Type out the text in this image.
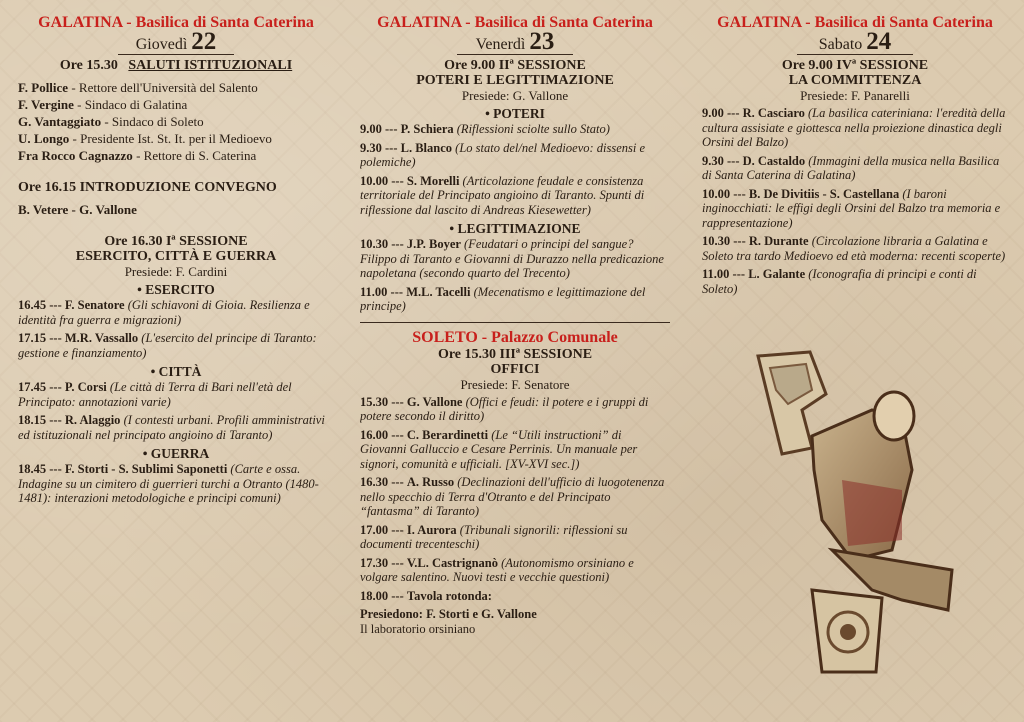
GALATINA - Basilica di Santa Caterina
Giovedì 22
Ore 15.30 SALUTI ISTITUZIONALI
F. Pollice - Rettore dell'Università del Salento
F. Vergine - Sindaco di Galatina
G. Vantaggiato - Sindaco di Soleto
U. Longo - Presidente Ist. St. It. per il Medioevo
Fra Rocco Cagnazzo - Rettore di S. Caterina
Ore 16.15 INTRODUZIONE CONVEGNO
B. Vetere - G. Vallone
Ore 16.30 Iª SESSIONE
ESERCITO, CITTÀ E GUERRA
Presiede: F. Cardini
• ESERCITO
16.45 --- F. Senatore (Gli schiavoni di Gioia. Resilienza e identità fra guerra e migrazioni)
17.15 --- M.R. Vassallo (L'esercito del principe di Taranto: gestione e finanziamento)
• CITTÀ
17.45 --- P. Corsi (Le città di Terra di Bari nell'età del Principato: annotazioni varie)
18.15 --- R. Alaggio (I contesti urbani. Profili amministrativi ed istituzionali nel principato angioino di Taranto)
• GUERRA
18.45 --- F. Storti - S. Sublimi Saponetti (Carte e ossa. Indagine su un cimitero di guerrieri turchi a Otranto (1480-1481): interazioni metodologiche e principi comuni)
GALATINA - Basilica di Santa Caterina
Venerdì 23
Ore 9.00 IIª SESSIONE
POTERI E LEGITTIMAZIONE
Presiede: G. Vallone
• POTERI
9.00 --- P. Schiera (Riflessioni sciolte sullo Stato)
9.30 --- L. Blanco (Lo stato del/nel Medioevo: dissensi e polemiche)
10.00 --- S. Morelli (Articolazione feudale e consistenza territoriale del Principato angioino di Taranto. Spunti di riflessione dal lascito di Andreas Kiesewetter)
• LEGITTIMAZIONE
10.30 --- J.P. Boyer (Feudatari o principi del sangue? Filippo di Taranto e Giovanni di Durazzo nella predicazione napoletana (secondo quarto del Trecento)
11.00 --- M.L. Tacelli (Mecenatismo e legittimazione del principe)
SOLETO - Palazzo Comunale
Ore 15.30 IIIª SESSIONE
OFFICI
Presiede: F. Senatore
15.30 --- G. Vallone (Offici e feudi: il potere e i gruppi di potere secondo il diritto)
16.00 --- C. Berardinetti (Le “Utili instructioni” di Giovanni Galluccio e Cesare Perrinis. Un manuale per signori, comunità e ufficiali. [XV-XVI sec.])
16.30 --- A. Russo (Declinazioni dell'ufficio di luogotenenza nello specchio di Terra d'Otranto e del Principato “fantasma” di Taranto)
17.00 --- I. Aurora (Tribunali signorili: riflessioni su documenti trecenteschi)
17.30 --- V.L. Castrignanò (Autonomismo orsiniano e volgare salentino. Nuovi testi e vecchie questioni)
18.00 --- Tavola rotonda:
Presiedono: F. Storti e G. Vallone
Il laboratorio orsiniano
GALATINA - Basilica di Santa Caterina
Sabato 24
Ore 9.00 IVª SESSIONE
LA COMMITTENZA
Presiede: F. Panarelli
9.00 --- R. Casciaro (La basilica cateriniana: l'eredità della cultura assisiate e giottesca nella proiezione dinastica degli Orsini del Balzo)
9.30 --- D. Castaldo (Immagini della musica nella Basilica di Santa Caterina di Galatina)
10.00 --- B. De Divitiis - S. Castellana (I baroni inginocchiati: le effigi degli Orsini del Balzo tra memoria e rappresentazione)
10.30 --- R. Durante (Circolazione libraria a Galatina e Soleto tra tardo Medioevo ed età moderna: recenti scoperte)
11.00 --- L. Galante (Iconografia di principi e conti di Soleto)
